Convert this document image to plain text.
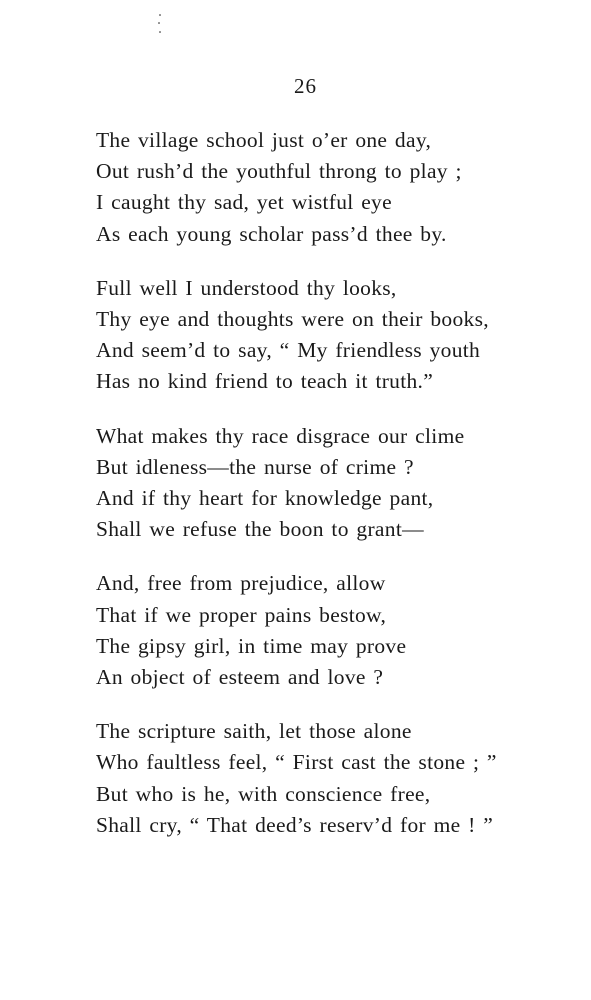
26
The village school just o’er one day,
Out rush’d the youthful throng to play ;
I caught thy sad, yet wistful eye
As each young scholar pass’d thee by.
Full well I understood thy looks,
Thy eye and thoughts were on their books,
And seem’d to say, “ My friendless youth
Has no kind friend to teach it truth.”
What makes thy race disgrace our clime
But idleness—the nurse of crime ?
And if thy heart for knowledge pant,
Shall we refuse the boon to grant—
And, free from prejudice, allow
That if we proper pains bestow,
The gipsy girl, in time may prove
An object of esteem and love ?
The scripture saith, let those alone
Who faultless feel, “ First cast the stone ; ”
But who is he, with conscience free,
Shall cry, “ That deed’s reserv’d for me ! ”
